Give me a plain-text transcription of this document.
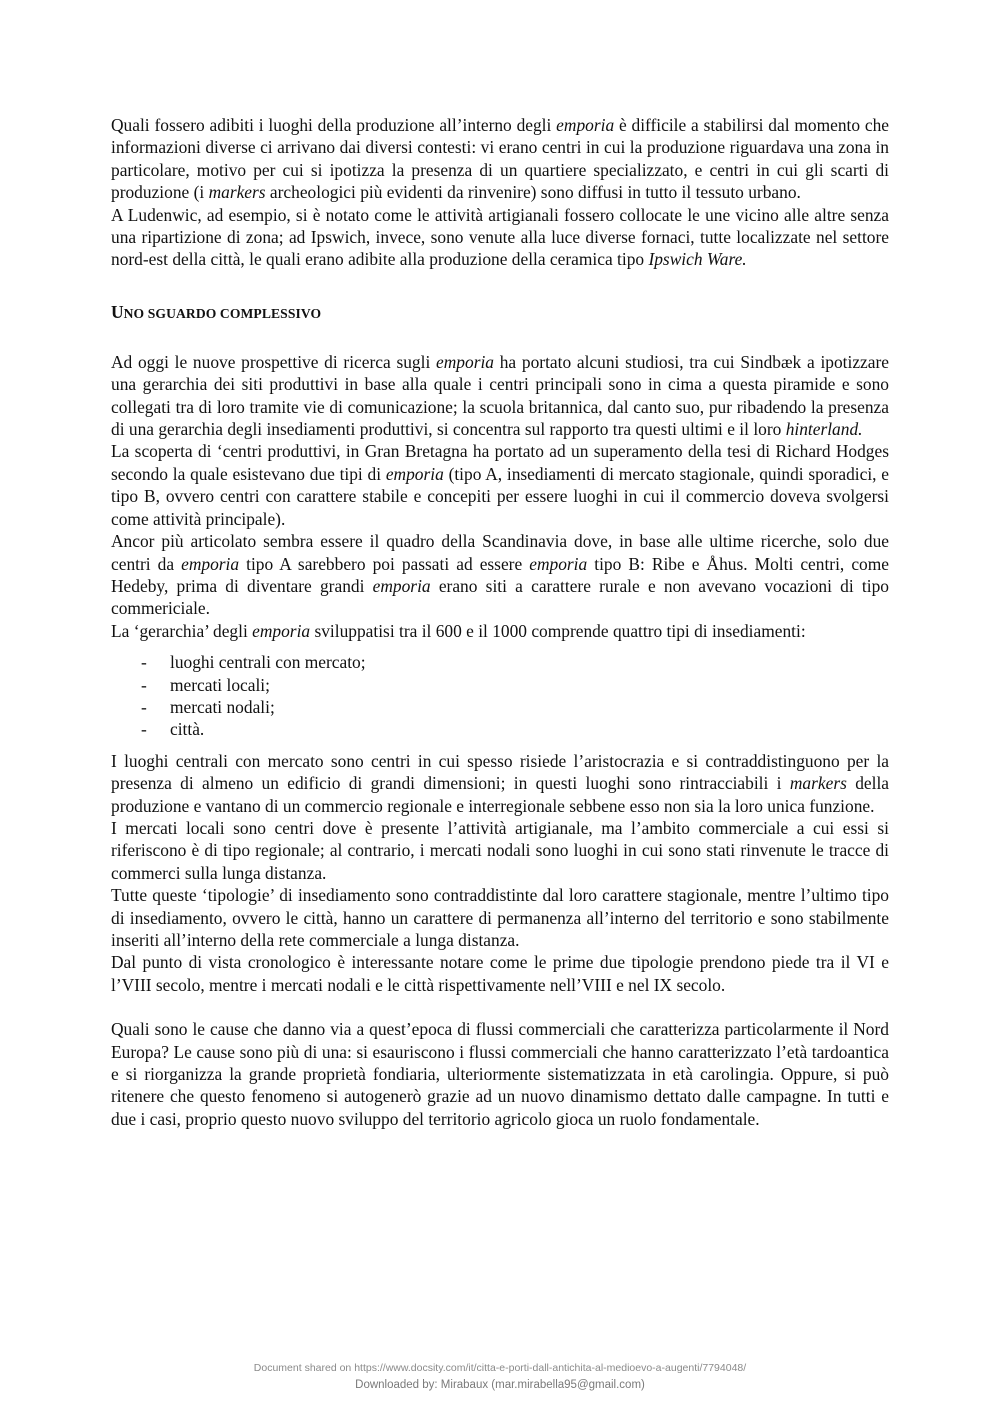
Quali fossero adibiti i luoghi della produzione all’interno degli emporia è difficile a stabilirsi dal momento che informazioni diverse ci arrivano dai diversi contesti: vi erano centri in cui la produzione riguardava una zona in particolare, motivo per cui si ipotizza la presenza di un quartiere specializzato, e centri in cui gli scarti di produzione (i markers archeologici più evidenti da rinvenire) sono diffusi in tutto il tessuto urbano.

A Ludenwic, ad esempio, si è notato come le attività artigianali fossero collocate le une vicino alle altre senza una ripartizione di zona; ad Ipswich, invece, sono venute alla luce diverse fornaci, tutte localizzate nel settore nord-est della città, le quali erano adibite alla produzione della ceramica tipo Ipswich Ware.

UNO SGUARDO COMPLESSIVO

Ad oggi le nuove prospettive di ricerca sugli emporia ha portato alcuni studiosi, tra cui Sindbæk a ipotizzare una gerarchia dei siti produttivi in base alla quale i centri principali sono in cima a questa piramide e sono collegati tra di loro tramite vie di comunicazione; la scuola britannica, dal canto suo, pur ribadendo la presenza di una gerarchia degli insediamenti produttivi, si concentra sul rapporto tra questi ultimi e il loro hinterland.

La scoperta di ‘centri produttivi, in Gran Bretagna ha portato ad un superamento della tesi di Richard Hodges secondo la quale esistevano due tipi di emporia (tipo A, insediamenti di mercato stagionale, quindi sporadici, e tipo B, ovvero centri con carattere stabile e concepiti per essere luoghi in cui il commercio doveva svolgersi come attività principale).

Ancor più articolato sembra essere il quadro della Scandinavia dove, in base alle ultime ricerche, solo due centri da emporia tipo A sarebbero poi passati ad essere emporia tipo B: Ribe e Åhus. Molti centri, come Hedeby, prima di diventare grandi emporia erano siti a carattere rurale e non avevano vocazioni di tipo commericiale.

La ‘gerarchia’ degli emporia sviluppatisi tra il 600 e il 1000 comprende quattro tipi di insediamenti:

- luoghi centrali con mercato;
- mercati locali;
- mercati nodali;
- città.

I luoghi centrali con mercato sono centri in cui spesso risiede l’aristocrazia e si contraddistinguono per la presenza di almeno un edificio di grandi dimensioni; in questi luoghi sono rintracciabili i markers della produzione e vantano di un commercio regionale e interregionale sebbene esso non sia la loro unica funzione.

I mercati locali sono centri dove è presente l’attività artigianale, ma l’ambito commerciale a cui essi si riferiscono è di tipo regionale; al contrario, i mercati nodali sono luoghi in cui sono stati rinvenute le tracce di commerci sulla lunga distanza.

Tutte queste ‘tipologie’ di insediamento sono contraddistinte dal loro carattere stagionale, mentre l’ultimo tipo di insediamento, ovvero le città, hanno un carattere di permanenza all’interno del territorio e sono stabilmente inseriti all’interno della rete commerciale a lunga distanza.

Dal punto di vista cronologico è interessante notare come le prime due tipologie prendono piede tra il VI e l’VIII secolo, mentre i mercati nodali e le città rispettivamente nell’VIII e nel IX secolo.

Quali sono le cause che danno via a quest’epoca di flussi commerciali che caratterizza particolarmente il Nord Europa? Le cause sono più di una: si esauriscono i flussi commerciali che hanno caratterizzato l’età tardoantica e si riorganizza la grande proprietà fondiaria, ulteriormente sistematizzata in età carolingia. Oppure, si può ritenere che questo fenomeno si autogenerò grazie ad un nuovo dinamismo dettato dalle campagne. In tutti e due i casi, proprio questo nuovo sviluppo del territorio agricolo gioca un ruolo fondamentale.

Document shared on https://www.docsity.com/it/citta-e-porti-dall-antichita-al-medioevo-a-augenti/7794048/
Downloaded by: Mirabaux (mar.mirabella95@gmail.com)
